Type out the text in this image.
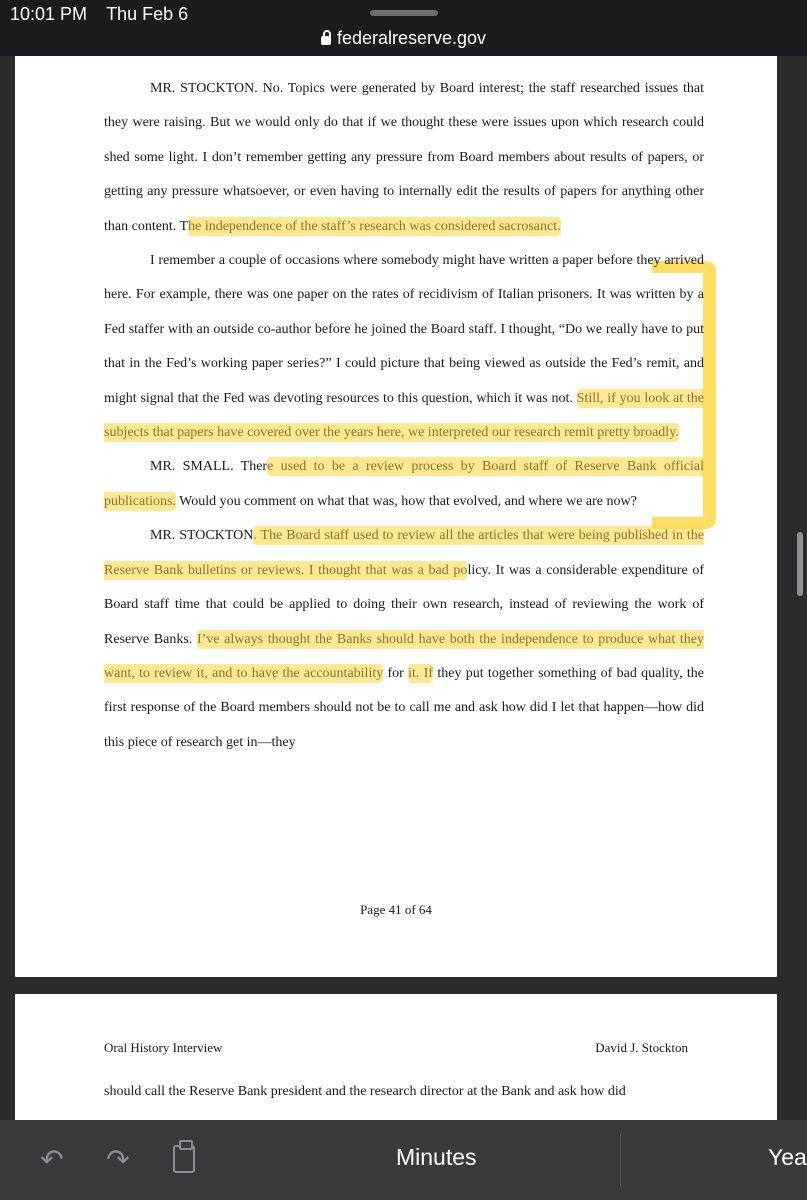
10:01 PM Thu Feb 6
federalreserve.gov

MR. STOCKTON. No. Topics were generated by Board interest; the staff researched issues that they were raising. But we would only do that if we thought these were issues upon which research could shed some light. I don’t remember getting any pressure from Board members about results of papers, or getting any pressure whatsoever, or even having to internally edit the results of papers for anything other than content. The independence of the staff’s research was considered sacrosanct.

I remember a couple of occasions where somebody might have written a paper before they arrived here. For example, there was one paper on the rates of recidivism of Italian prisoners. It was written by a Fed staffer with an outside co-author before he joined the Board staff. I thought, “Do we really have to put that in the Fed’s working paper series?” I could picture that being viewed as outside the Fed’s remit, and might signal that the Fed was devoting resources to this question, which it was not. Still, if you look at the subjects that papers have covered over the years here, we interpreted our research remit pretty broadly.

MR. SMALL. There used to be a review process by Board staff of Reserve Bank official publications. Would you comment on what that was, how that evolved, and where we are now?

MR. STOCKTON. The Board staff used to review all the articles that were being published in the Reserve Bank bulletins or reviews. I thought that was a bad policy. It was a considerable expenditure of Board staff time that could be applied to doing their own research, instead of reviewing the work of Reserve Banks. I’ve always thought the Banks should have both the independence to produce what they want, to review it, and to have the accountability for it. If they put together something of bad quality, the first response of the Board members should not be to call me and ask how did I let that happen—how did this piece of research get in—they

Page 41 of 64
Oral History Interview	David J. Stockton
should call the Reserve Bank president and the research director at the Bank and ask how did
↶ ↷	Minutes	Yea
